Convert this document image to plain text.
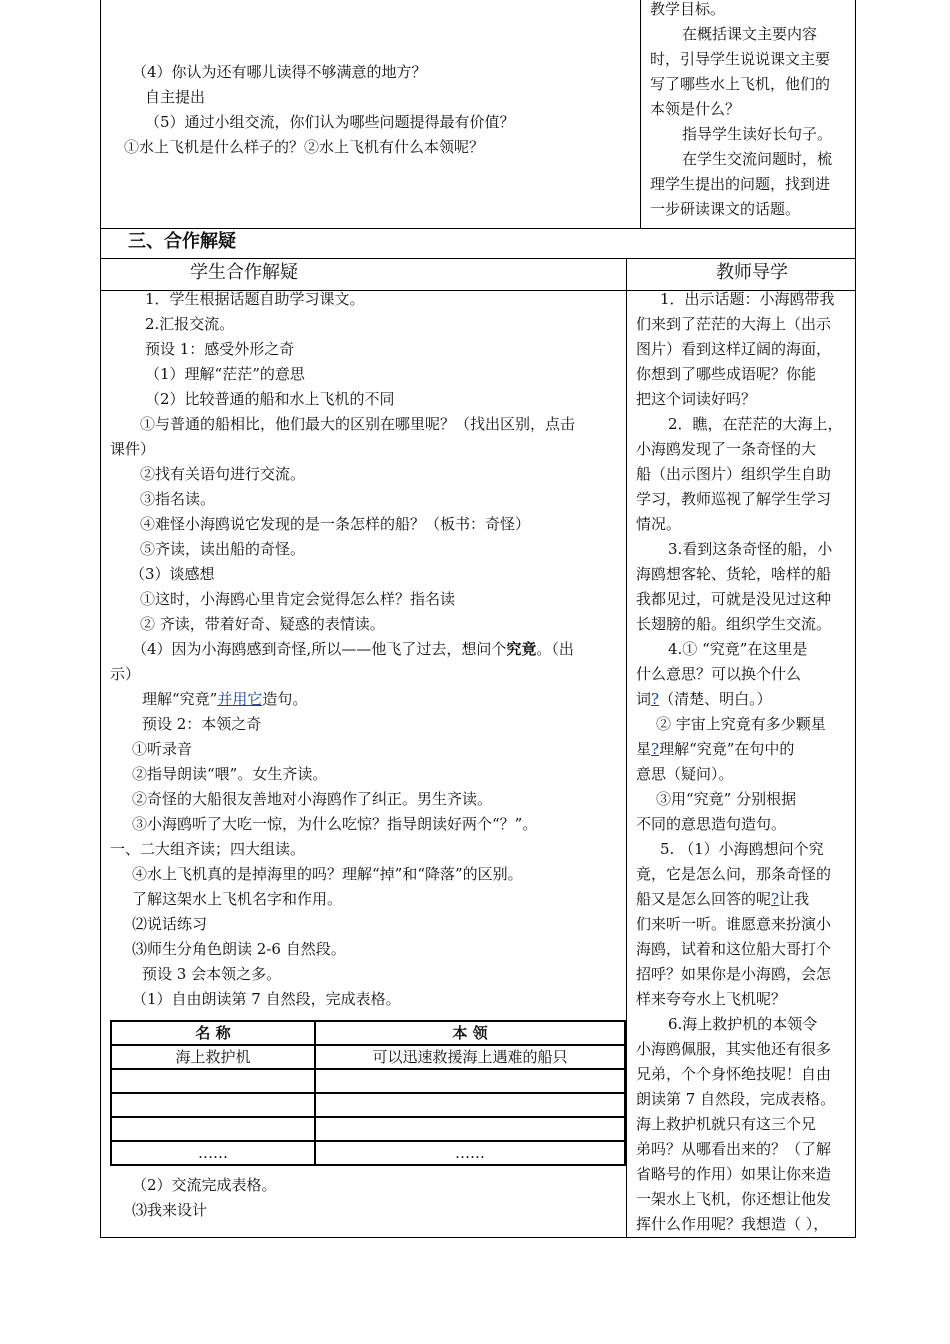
（4）你认为还有哪儿读得不够满意的地方？
自主提出
（5）通过小组交流，你们认为哪些问题提得最有价值？
①水上飞机是什么样子的？②水上飞机有什么本领呢？
教学目标。
在概括课文主要内容
时，引导学生说说课文主要
写了哪些水上飞机，他们的
本领是什么？
指导学生读好长句子。
在学生交流问题时，梳
理学生提出的问题，找到进
一步研读课文的话题。
三、合作解疑
学生合作解疑	教师导学
1．学生根据话题自助学习课文。
2.汇报交流。
预设 1：感受外形之奇
（1）理解“茫茫”的意思
（2）比较普通的船和水上飞机的不同
①与普通的船相比，他们最大的区别在哪里呢？（找出区别，点击
课件）
②找有关语句进行交流。
③指名读。
④难怪小海鸥说它发现的是一条怎样的船？（板书：奇怪）
⑤齐读，读出船的奇怪。
（3）谈感想
①这时，小海鸥心里肯定会觉得怎么样？指名读
② 齐读，带着好奇、疑惑的表情读。
（4）因为小海鸥感到奇怪,所以——他飞了过去，想问个究竟。（出
示）
理解“究竟”并用它造句。
预设 2：本领之奇
①听录音
②指导朗读“喂”。女生齐读。
②奇怪的大船很友善地对小海鸥作了纠正。男生齐读。
③小海鸥听了大吃一惊，为什么吃惊？指导朗读好两个“？”。
一、二大组齐读；四大组读。
④水上飞机真的是掉海里的吗？理解“掉”和“降落”的区别。
了解这架水上飞机名字和作用。
⑵说话练习
⑶师生分角色朗读 2-6 自然段。
预设 3 会本领之多。
（1）自由朗读第 7 自然段，完成表格。
（2）交流完成表格。
⑶我来设计
名 称	本 领
海上救护机	可以迅速救援海上遇难的船只

……	……
1．出示话题：小海鸥带我
们来到了茫茫的大海上（出示
图片）看到这样辽阔的海面，
你想到了哪些成语呢？你能
把这个词读好吗？
2．瞧，在茫茫的大海上，
小海鸥发现了一条奇怪的大
船（出示图片）组织学生自助
学习，教师巡视了解学生学习
情况。
3.看到这条奇怪的船，小
海鸥想客轮、货轮，啥样的船
我都见过，可就是没见过这种
长翅膀的船。组织学生交流。
4.① “究竟”在这里是
什么意思？可以换个什么
词?（清楚、明白。）
② 宇宙上究竟有多少颗星
星?理解“究竟”在句中的
意思（疑问）。
③用“究竟” 分别根据
不同的意思造句造句。
5. （1）小海鸥想问个究
竟，它是怎么问，那条奇怪的
船又是怎么回答的呢?让我
们来听一听。谁愿意来扮演小
海鸥，试着和这位船大哥打个
招呼？如果你是小海鸥，会怎
样来夸夸水上飞机呢？
6.海上救护机的本领令
小海鸥佩服，其实他还有很多
兄弟，个个身怀绝技呢！自由
朗读第 7 自然段，完成表格。
海上救护机就只有这三个兄
弟吗？从哪看出来的？（了解
省略号的作用）如果让你来造
一架水上飞机，你还想让他发
挥什么作用呢？我想造（ ），
